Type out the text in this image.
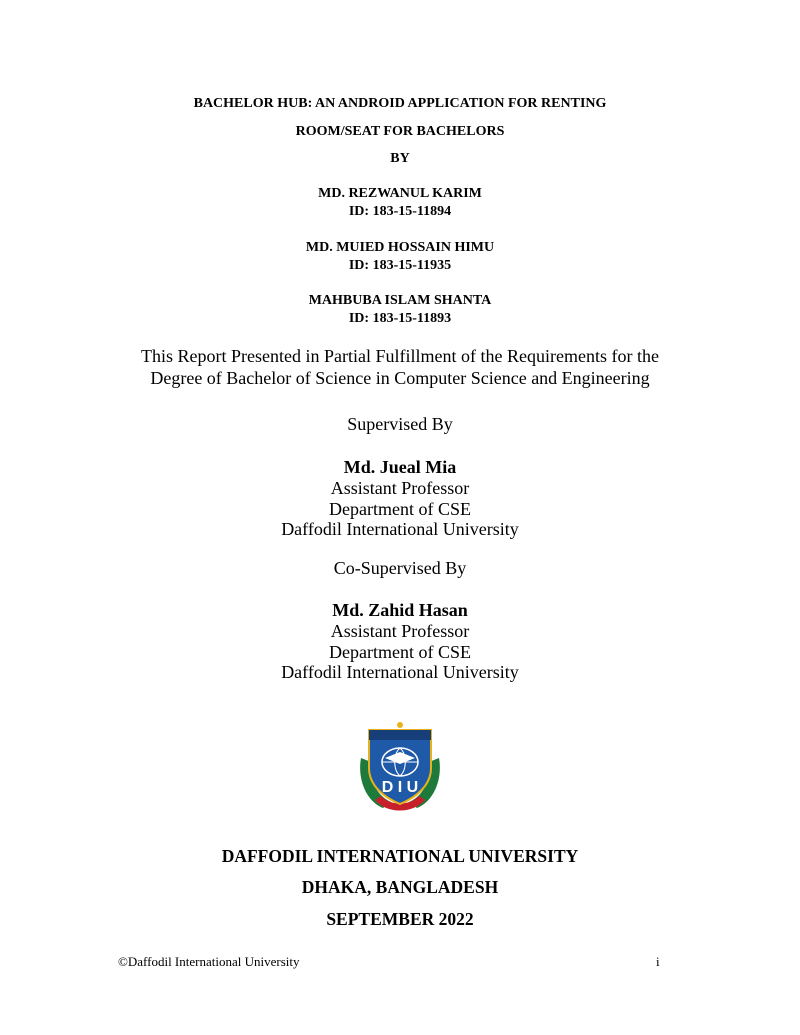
BACHELOR HUB: AN ANDROID APPLICATION FOR RENTING
ROOM/SEAT FOR BACHELORS
BY
MD. REZWANUL KARIM
ID: 183-15-11894
MD. MUIED HOSSAIN HIMU
ID: 183-15-11935
MAHBUBA ISLAM SHANTA
ID: 183-15-11893
This Report Presented in Partial Fulfillment of the Requirements for the
Degree of Bachelor of Science in Computer Science and Engineering
Supervised By
Md. Jueal Mia
Assistant Professor
Department of CSE
Daffodil International University
Co-Supervised By
Md. Zahid Hasan
Assistant Professor
Department of CSE
Daffodil International University
D I U
DAFFODIL INTERNATIONAL UNIVERSITY
DHAKA, BANGLADESH
SEPTEMBER 2022
©Daffodil International University	i
